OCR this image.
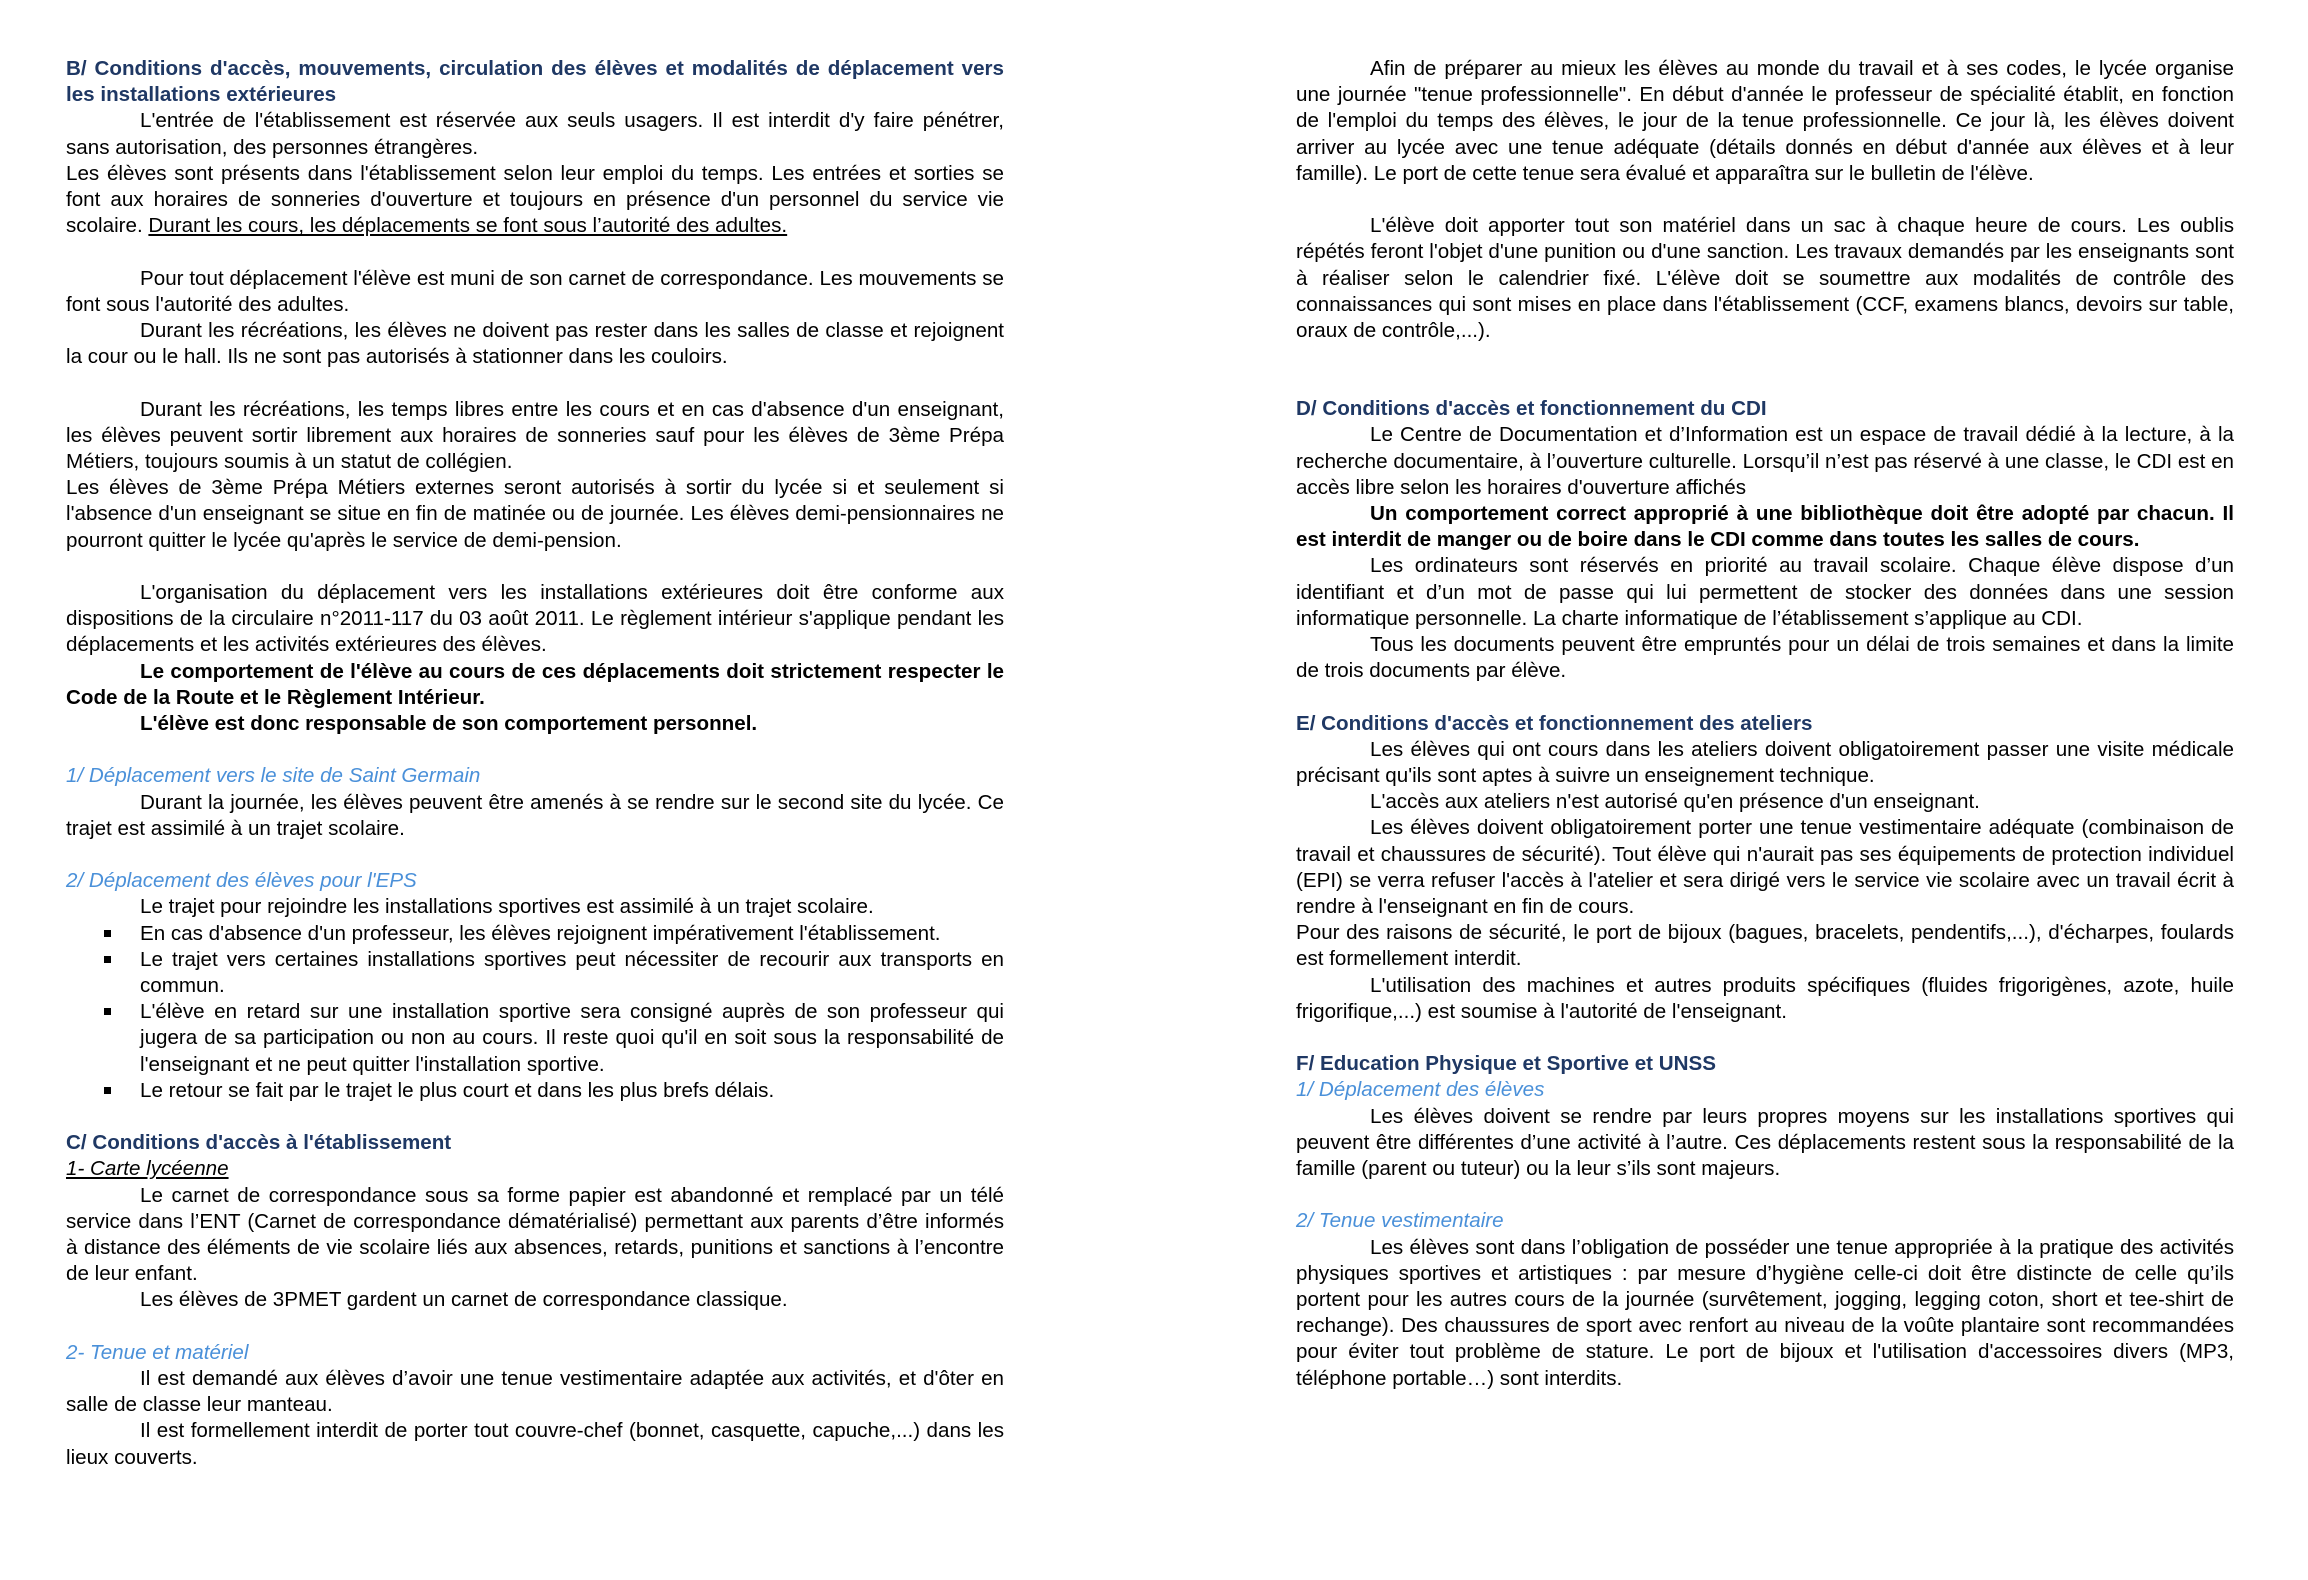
B/ Conditions d'accès, mouvements, circulation des élèves et modalités de déplacement vers les installations extérieures

L'entrée de l'établissement est réservée aux seuls usagers. Il est interdit d'y faire pénétrer, sans autorisation, des personnes étrangères.

Les élèves sont présents dans l'établissement selon leur emploi du temps. Les entrées et sorties se font aux horaires de sonneries d'ouverture et toujours en présence d'un personnel du service vie scolaire. Durant les cours, les déplacements se font sous l’autorité des adultes.

Pour tout déplacement l'élève est muni de son carnet de correspondance. Les mouvements se font sous l'autorité des adultes.

Durant les récréations, les élèves ne doivent pas rester dans les salles de classe et rejoignent la cour ou le hall. Ils ne sont pas autorisés à stationner dans les couloirs.

Durant les récréations, les temps libres entre les cours et en cas d'absence d'un enseignant, les élèves peuvent sortir librement aux horaires de sonneries sauf pour les élèves de 3ème Prépa Métiers, toujours soumis à un statut de collégien.

Les élèves de 3ème Prépa Métiers externes seront autorisés à sortir du lycée si et seulement si l'absence d'un enseignant se situe en fin de matinée ou de journée. Les élèves demi-pensionnaires ne pourront quitter le lycée qu'après le service de demi-pension.

L'organisation du déplacement vers les installations extérieures doit être conforme aux dispositions de la circulaire n°2011-117 du 03 août 2011. Le règlement intérieur s'applique pendant les déplacements et les activités extérieures des élèves.

Le comportement de l'élève au cours de ces déplacements doit strictement respecter le Code de la Route et le Règlement Intérieur.

L'élève est donc responsable de son comportement personnel.

1/ Déplacement vers le site de Saint Germain

Durant la journée, les élèves peuvent être amenés à se rendre sur le second site du lycée. Ce trajet est assimilé à un trajet scolaire.

2/ Déplacement des élèves pour l'EPS

Le trajet pour rejoindre les installations sportives est assimilé à un trajet scolaire.

En cas d'absence d'un professeur, les élèves rejoignent impérativement l'établissement.
Le trajet vers certaines installations sportives peut nécessiter de recourir aux transports en commun.
L'élève en retard sur une installation sportive sera consigné auprès de son professeur qui jugera de sa participation ou non au cours. Il reste quoi qu'il en soit sous la responsabilité de l'enseignant et ne peut quitter l'installation sportive.
Le retour se fait par le trajet le plus court et dans les plus brefs délais.

C/ Conditions d'accès à l'établissement

1- Carte lycéenne

Le carnet de correspondance sous sa forme papier est abandonné et remplacé par un télé service dans l’ENT (Carnet de correspondance dématérialisé) permettant aux parents d’être informés à distance des éléments de vie scolaire liés aux absences, retards, punitions et sanctions à l’encontre de leur enfant.

Les élèves de 3PMET gardent un carnet de correspondance classique.

2- Tenue et matériel

Il est demandé aux élèves d’avoir une tenue vestimentaire adaptée aux activités, et d'ôter en salle de classe leur manteau.

Il est formellement interdit de porter tout couvre-chef (bonnet, casquette, capuche,...) dans les lieux couverts.

Afin de préparer au mieux les élèves au monde du travail et à ses codes, le lycée organise une journée "tenue professionnelle". En début d'année le professeur de spécialité établit, en fonction de l'emploi du temps des élèves, le jour de la tenue professionnelle. Ce jour là, les élèves doivent arriver au lycée avec une tenue adéquate (détails donnés en début d'année aux élèves et à leur famille). Le port de cette tenue sera évalué et apparaîtra sur le bulletin de l'élève.

L'élève doit apporter tout son matériel dans un sac à chaque heure de cours. Les oublis répétés feront l'objet d'une punition ou d'une sanction. Les travaux demandés par les enseignants sont à réaliser selon le calendrier fixé. L'élève doit se soumettre aux modalités de contrôle des connaissances qui sont mises en place dans l'établissement (CCF, examens blancs, devoirs sur table, oraux de contrôle,...).

D/ Conditions d'accès et fonctionnement du CDI

Le Centre de Documentation et d’Information est un espace de travail dédié à la lecture, à la recherche documentaire, à l’ouverture culturelle. Lorsqu’il n’est pas réservé à une classe, le CDI est en accès libre selon les horaires d'ouverture affichés

Un comportement correct approprié à une bibliothèque doit être adopté par chacun. Il est interdit de manger ou de boire dans le CDI comme dans toutes les salles de cours.

Les ordinateurs sont réservés en priorité au travail scolaire. Chaque élève dispose d’un identifiant et d’un mot de passe qui lui permettent de stocker des données dans une session informatique personnelle. La charte informatique de l’établissement s’applique au CDI.

Tous les documents peuvent être empruntés pour un délai de trois semaines et dans la limite de trois documents par élève.

E/ Conditions d'accès et fonctionnement des ateliers

Les élèves qui ont cours dans les ateliers doivent obligatoirement passer une visite médicale précisant qu'ils sont aptes à suivre un enseignement technique.

L'accès aux ateliers n'est autorisé qu'en présence d'un enseignant.

Les élèves doivent obligatoirement porter une tenue vestimentaire adéquate (combinaison de travail et chaussures de sécurité). Tout élève qui n'aurait pas ses équipements de protection individuel (EPI) se verra refuser l'accès à l'atelier et sera dirigé vers le service vie scolaire avec un travail écrit à rendre à l'enseignant en fin de cours.

Pour des raisons de sécurité, le port de bijoux (bagues, bracelets, pendentifs,...), d'écharpes, foulards est formellement interdit.

L'utilisation des machines et autres produits spécifiques (fluides frigorigènes, azote, huile frigorifique,...) est soumise à l'autorité de l'enseignant.

F/ Education Physique et Sportive et UNSS

1/ Déplacement des élèves

Les élèves doivent se rendre par leurs propres moyens sur les installations sportives qui peuvent être différentes d’une activité à l’autre. Ces déplacements restent sous la responsabilité de la famille (parent ou tuteur) ou la leur s’ils sont majeurs.

2/ Tenue vestimentaire

Les élèves sont dans l’obligation de posséder une tenue appropriée à la pratique des activités physiques sportives et artistiques : par mesure d’hygiène celle-ci doit être distincte de celle qu’ils portent pour les autres cours de la journée (survêtement, jogging, legging coton, short et tee-shirt de rechange). Des chaussures de sport avec renfort au niveau de la voûte plantaire sont recommandées pour éviter tout problème de stature. Le port de bijoux et l'utilisation d'accessoires divers (MP3, téléphone portable…) sont interdits.
